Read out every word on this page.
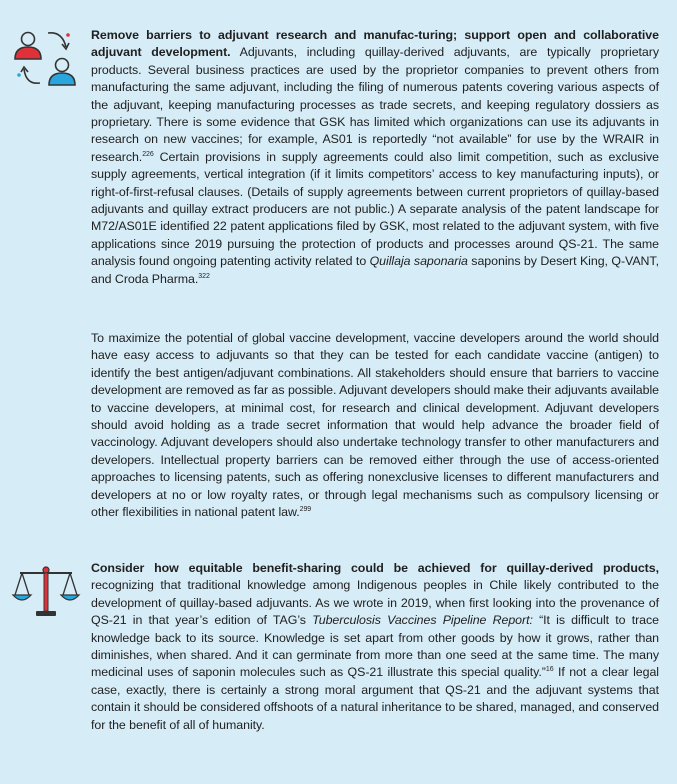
Remove barriers to adjuvant research and manufac-turing; support open and collaborative adjuvant development. Adjuvants, including quillay-derived adjuvants, are typically proprietary products. Several business practices are used by the proprietor companies to prevent others from manufacturing the same adjuvant, including the filing of numerous patents covering various aspects of the adjuvant, keeping manufacturing processes as trade secrets, and keeping regulatory dossiers as proprietary. There is some evidence that GSK has limited which organizations can use its adjuvants in research on new vaccines; for example, AS01 is reportedly “not available” for use by the WRAIR in research.$^{226}$ Certain provisions in supply agreements could also limit competition, such as exclusive supply agreements, vertical integration (if it limits competitors’ access to key manufacturing inputs), or right-of-first-refusal clauses. (Details of supply agreements between current proprietors of quillay-based adjuvants and quillay extract producers are not public.) A separate analysis of the patent landscape for M72/AS01E identified 22 patent applications filed by GSK, most related to the adjuvant system, with five applications since 2019 pursuing the protection of products and processes around QS-21. The same analysis found ongoing patenting activity related to Quillaja saponaria saponins by Desert King, Q-VANT, and Croda Pharma.$^{322}$

To maximize the potential of global vaccine development, vaccine developers around the world should have easy access to adjuvants so that they can be tested for each candidate vaccine (antigen) to identify the best antigen/adjuvant combinations. All stakeholders should ensure that barriers to vaccine development are removed as far as possible. Adjuvant developers should make their adjuvants available to vaccine developers, at minimal cost, for research and clinical development. Adjuvant developers should avoid holding as a trade secret information that would help advance the broader field of vaccinology. Adjuvant developers should also undertake technology transfer to other manufacturers and developers. Intellectual property barriers can be removed either through the use of access-oriented approaches to licensing patents, such as offering nonexclusive licenses to different manufacturers and developers at no or low royalty rates, or through legal mechanisms such as compulsory licensing or other flexibilities in national patent law.$^{299}$

Consider how equitable benefit-sharing could be achieved for quillay-derived products, recognizing that traditional knowledge among Indigenous peoples in Chile likely contributed to the development of quillay-based adjuvants. As we wrote in 2019, when first looking into the provenance of QS-21 in that year’s edition of TAG’s Tuberculosis Vaccines Pipeline Report: “It is difficult to trace knowledge back to its source. Knowledge is set apart from other goods by how it grows, rather than diminishes, when shared. And it can germinate from more than one seed at the same time. The many medicinal uses of saponin molecules such as QS-21 illustrate this special quality.”$^{16}$ If not a clear legal case, exactly, there is certainly a strong moral argument that QS-21 and the adjuvant systems that contain it should be considered offshoots of a natural inheritance to be shared, managed, and conserved for the benefit of all of humanity.
